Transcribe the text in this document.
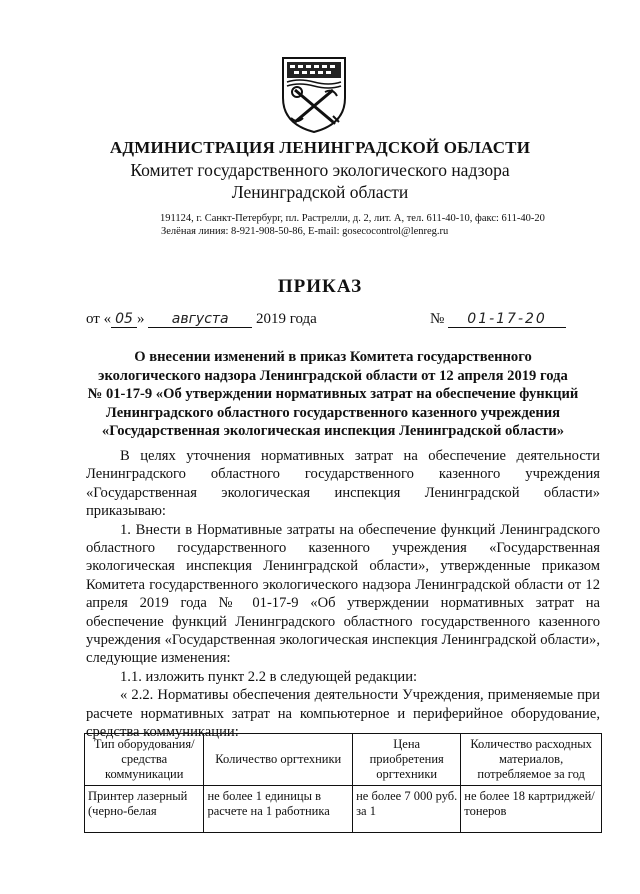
АДМИНИСТРАЦИЯ ЛЕНИНГРАДСКОЙ ОБЛАСТИ
Комитет государственного экологического надзора
Ленинградской области
191124, г. Санкт-Петербург, пл. Растрелли, д. 2, лит. А, тел. 611-40-10, факс: 611-40-20
Зелёная линия: 8-921-908-50-86, E-mail: gosecocontrol@lenreg.ru
ПРИКАЗ
от « 05 » августа 2019 года	№ 01-17-20
О внесении изменений в приказ Комитета государственного
экологического надзора Ленинградской области от 12 апреля 2019 года
№ 01-17-9 «Об утверждении нормативных затрат на обеспечение функций
Ленинградского областного государственного казенного учреждения
«Государственная экологическая инспекция Ленинградской области»

В целях уточнения нормативных затрат на обеспечение деятельности Ленинградского областного государственного казенного учреждения «Государственная экологическая инспекция Ленинградской области» приказываю:

1. Внести в Нормативные затраты на обеспечение функций Ленинградского областного государственного казенного учреждения «Государственная экологическая инспекция Ленинградской области», утвержденные приказом Комитета государственного экологического надзора Ленинградской области от 12 апреля 2019 года № 01-17-9 «Об утверждении нормативных затрат на обеспечение функций Ленинградского областного государственного казенного учреждения «Государственная экологическая инспекция Ленинградской области», следующие изменения:

1.1. изложить пункт 2.2 в следующей редакции:

« 2.2. Нормативы обеспечения деятельности Учреждения, применяемые при расчете нормативных затрат на компьютерное и периферийное оборудование, средства коммуникации:

Тип оборудования/ средства коммуникации	Количество оргтехники	Цена приобретения оргтехники	Количество расходных материалов, потребляемое за год
Принтер лазерный (черно-белая	не более 1 единицы в расчете на 1 работника	не более 7 000 руб. за 1	не более 18 картриджей/тонеров
